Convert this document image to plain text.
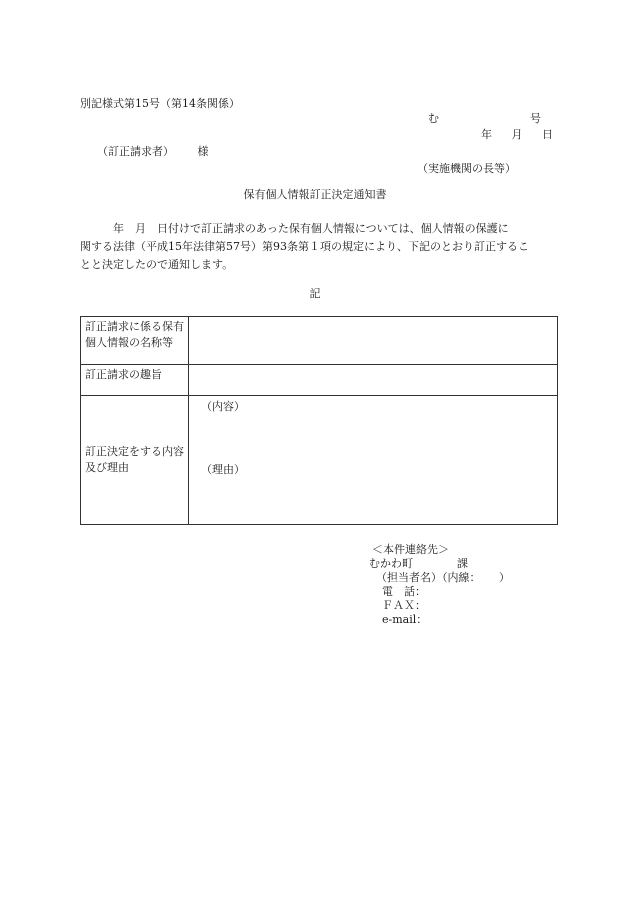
別記様式第15号（第14条関係）
む	号
年 月 日
（訂正請求者） 様
（実施機関の長等）
保有個人情報訂正決定通知書
　　　年　月　日付けで訂正請求のあった保有個人情報については、個人情報の保護に
関する法律（平成15年法律第57号）第93条第１項の規定により、下記のとおり訂正するこ
とと決定したので通知します。
記
訂正請求に係る保有個人情報の名称等	
訂正請求の趣旨	
訂正決定をする内容及び理由	（内容）
（理由）
＜本件連絡先＞
むかわ町	課
（担当者名）（内線： ）
電　話：
ＦＡＸ：
e-mail：
